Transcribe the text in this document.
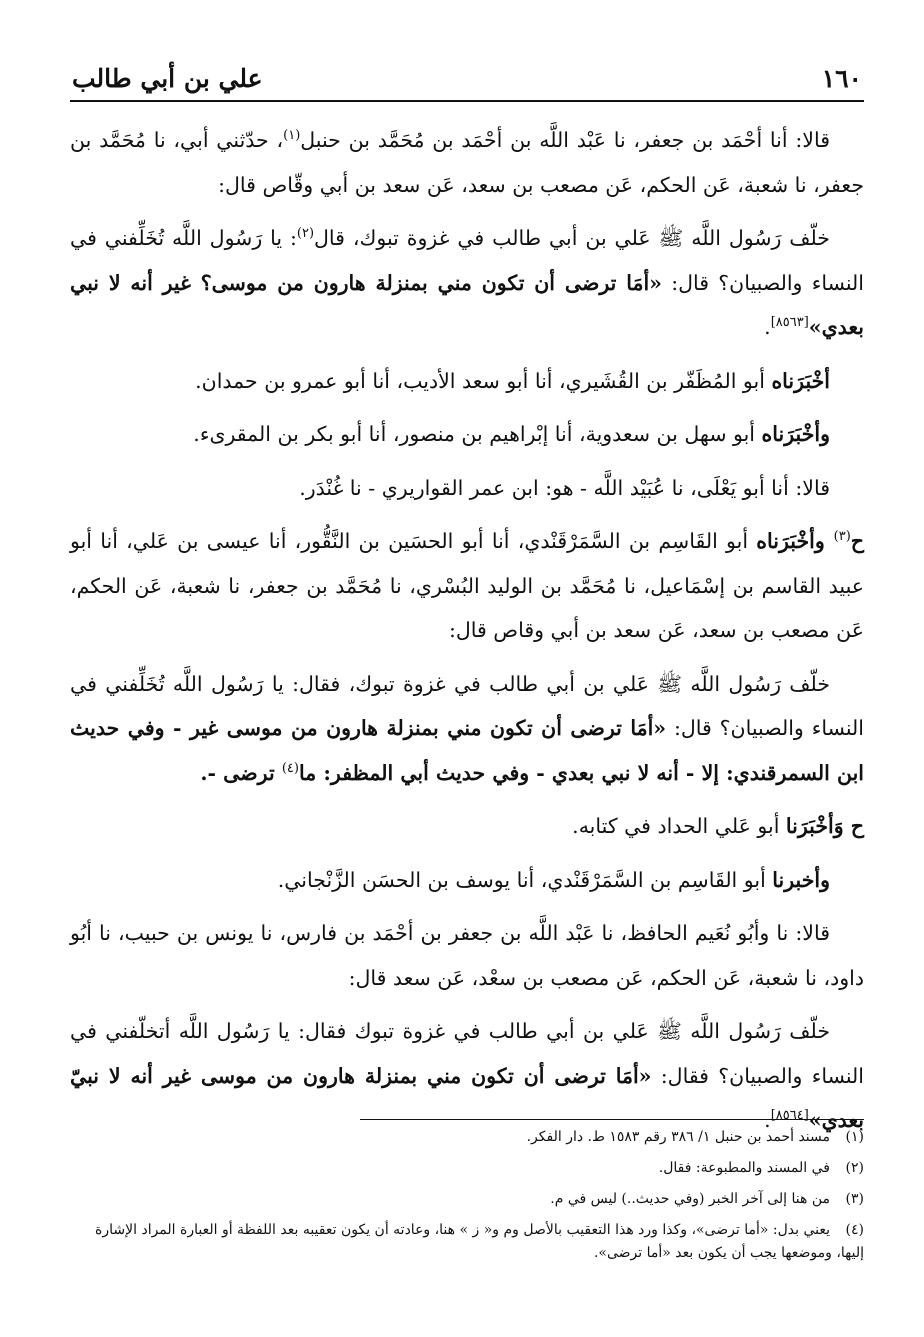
١٦٠
علي بن أبي طالب

قالا: أنا أحْمَد بن جعفر، نا عَبْد اللَّه بن أحْمَد بن مُحَمَّد بن حنبل$^{(١)}$، حدّثني أبي، نا مُحَمَّد بن جعفر، نا شعبة، عَن الحكم، عَن مصعب بن سعد، عَن سعد بن أبي وقّاص قال:

خلّف رَسُول اللَّه ﷺ عَلي بن أبي طالب في غزوة تبوك، قال$^{(٢)}$: يا رَسُول اللَّه تُخَلِّفني في النساء والصبيان؟ قال: «أمَا ترضى أن تكون مني بمنزلة هارون من موسى؟ غير أنه لا نبي بعدي»[٨٥٦٣].

أخْبَرَناه أبو المُظَفّر بن القُشَيري، أنا أبو سعد الأديب، أنا أبو عمرو بن حمدان.

وأخْبَرَناه أبو سهل بن سعدوية، أنا إبْراهيم بن منصور، أنا أبو بكر بن المقرىء.

قالا: أنا أبو يَعْلَى، نا عُبَيْد اللَّه - هو: ابن عمر القواريري - نا غُنْدَر.

ح$^{(٣)}$ وأخْبَرَناه أبو القَاسِم بن السَّمَرْقَنْدي، أنا أبو الحسَين بن النَّقُّور، أنا عيسى بن عَلي، أنا أبو عبيد القاسم بن إسْمَاعيل، نا مُحَمَّد بن الوليد البُسْري، نا مُحَمَّد بن جعفر، نا شعبة، عَن الحكم، عَن مصعب بن سعد، عَن سعد بن أبي وقاص قال:

خلّف رَسُول اللَّه ﷺ عَلي بن أبي طالب في غزوة تبوك، فقال: يا رَسُول اللَّه تُخَلِّفني في النساء والصبيان؟ قال: «أمَا ترضى أن تكون مني بمنزلة هارون من موسى غير - وفي حديث ابن السمرقندي: إلا - أنه لا نبي بعدي - وفي حديث أبي المظفر: ما$^{(٤)}$ ترضى -.

ح وَأخْبَرَنا أبو عَلي الحداد في كتابه.

وأخبرنا أبو القَاسِم بن السَّمَرْقَنْدي، أنا يوسف بن الحسَن الزَّنْجاني.

قالا: نا وأبُو نُعَيم الحافظ، نا عَبْد اللَّه بن جعفر بن أحْمَد بن فارس، نا يونس بن حبيب، نا أبُو داود، نا شعبة، عَن الحكم، عَن مصعب بن سعْد، عَن سعد قال:

خلّف رَسُول اللَّه ﷺ عَلي بن أبي طالب في غزوة تبوك فقال: يا رَسُول اللَّه أتخلّفني في النساء والصبيان؟ فقال: «أمَا ترضى أن تكون مني بمنزلة هارون من موسى غير أنه لا نبيّ بعدي»[٨٥٦٤].

(١)مسند أحمد بن حنبل ١/ ٣٨٦ رقم ١٥٨٣ ط. دار الفكر.
(٢)في المسند والمطبوعة: فقال.
(٣)من هنا إلى آخر الخبر (وفي حديث..) ليس في م.
(٤)يعني بدل: «أما ترضى»، وكذا ورد هذا التعقيب بالأصل وم و« ز » هنا، وعادته أن يكون تعقيبه بعد اللفظة أو العبارة المراد الإشارة إليها، وموضعها يجب أن يكون بعد «أما ترضى».
